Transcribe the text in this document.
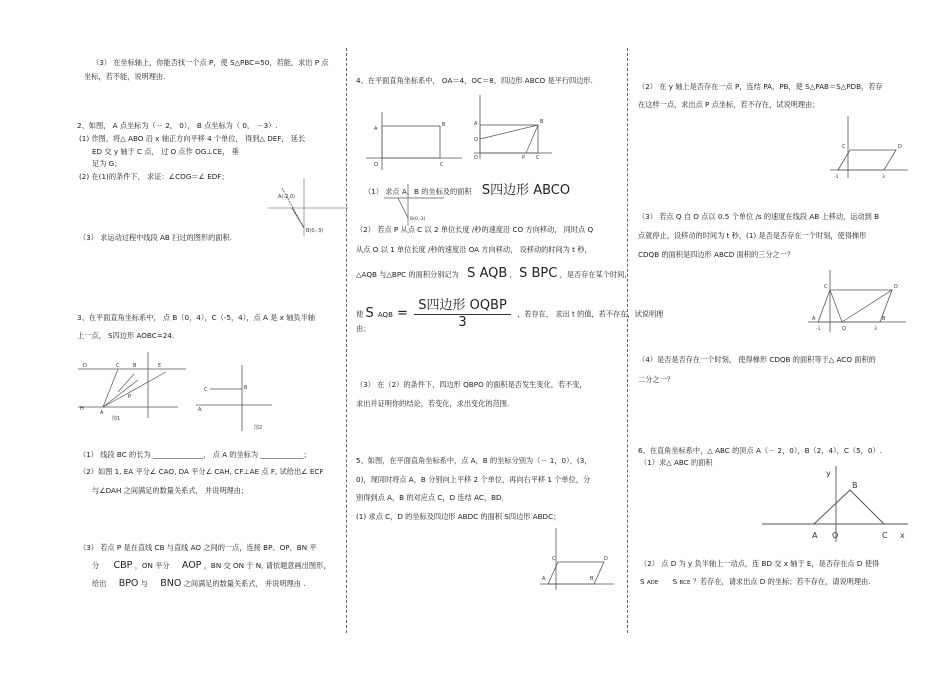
（3） 在坐标轴上，你能否找一个点 P，使 S△PBC=50，若能，求出 P 点
坐标，若不能，说明理由.
2、如图， A 点坐标为（－ 2， 0）， B 点坐标为（ 0， －3）.
(1) 作图，将△ ABO 沿 x 轴正方向平移 4 个单位， 得到△ DEF， 延长
ED 交 y 轴于 C 点， 过 O 点作 OG⊥CE， 垂
足为 G；
(2) 在(1)的条件下， 求证：∠COG＝∠ EDF；
A(-2,0)
B(0,-3)
（3） 求运动过程中线段 AB 扫过的图形的面积.
3、在平面直角坐标系中， 点 B（0，4），C（-5，4），点 A 是 x 轴负半轴
上一点， S四边形 AOBC=24.
D	C	B	E
H
A
P
图1
C	B
A
图2
（1） 线段 BC 的长为 ______________， 点 A 的坐标为 ____________；
（2）如图 1, EA 平分∠ CAO, DA 平分∠ CAH, CF⊥AE 点 F, 试给出∠ ECF
与∠DAH 之间满足的数量关系式， 并说明理由；
（3） 若点 P 是在直线 CB 与直线 AO 之间的一点，连接 BP、OP，BN 平
分 CBP ，ON 平分 AOP ，BN 交 ON 于 N, 请依题意画出图形，
给出 BPO 与 BNO 之间满足的数量关系式， 并说明理由 .
4、在平面直角坐标系中， OA＝4，OC＝8，四边形 ABCO 是平行四边形.
A
B
O	C
A	B
Q
P C
O
（1） 求点 A、B 的坐标及的面积 S四边形 ABCO
B(0,-3)
（2） 若点 P 从点 C 以 2 单位长度 /秒的速度沿 CO 方向移动， 同时点 Q
从点 O 以 1 单位长度 /秒的速度沿 OA 方向移动， 设移动的时间为 t 秒，
△AQB 与△BPC 的面积分别记为 S AQB ， S BPC ，是否存在某个时间，
使 S AQB = S四边形 OQBP
3
，若存在， 求出 t 的值，若不存在，试说明理
由；
（3） 在（2）的条件下，四边形 QBPO 的面积是否发生变化，若不变，
求出并证明你的结论，若变化，求出变化的范围.
5、如图，在平面直角坐标系中，点 A，B 的坐标分别为（－ 1，0），(3，
0)，现同时将点 A，B 分别向上平移 2 个单位，再向右平移 1 个单位，分
别得到点 A，B 的对应点 C，D 连结 AC，BD．
(1) 求点 C，D 的坐标及四边形 ABDC 的面积 S四边形 ABDC；
C	D
A	B
（2） 在 y 轴上是否存在一点 P，连结 PA，PB，使 S△PAB＝S△PDB，若存
在这样一点，求出点 P 点坐标，若不存在，试说明理由；
C	D
-1	3
（3） 若点 Q 自 O 点以 0.5 个单位 /s 的速度在线段 AB 上移动，运动到 B
点就停止，设移动的时间为 t 秒，(1) 是否是否存在一个时刻，使得梯形
CDQB 的面积是四边形 ABCD 面积的三分之一？
C	D
A	B
Q
-1	3
（4）是否是否存在一个时刻， 使得梯形 CDQB 的面积等于△ ACO 面积的
二分之一？
6、在直角坐标系中，△ ABC 的顶点 A（－ 2，0），B（2，4），C（5，0）.
（1）求△ ABC 的面积
y
B
A O	C x
（2） 点 D 为 y 负半轴上一动点，连 BD 交 x 轴于 E，是否存在点 D 使得
S ADE S BCE ？若存在，请求出点 D 的坐标；若不存在，请说明理由.
